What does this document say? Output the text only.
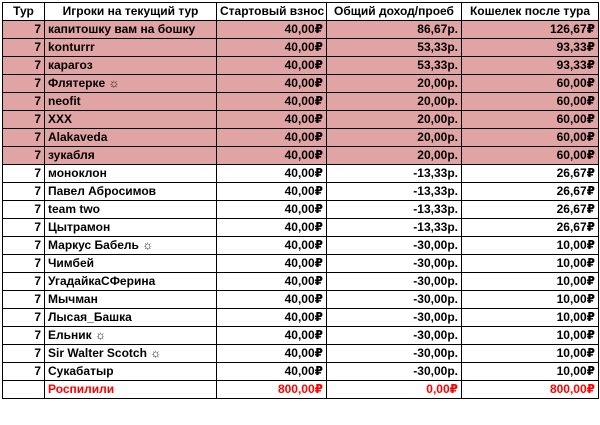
Тур	Игроки на текущий тур	Стартовый взнос	Общий доход/проеб	Кошелек после тура
7	капитошку вам на бошку	40,00₽	86,67р.	126,67₽
7	konturrr	40,00₽	53,33р.	93,33₽
7	карагоз	40,00₽	53,33р.	93,33₽
7	Флятерке ☼	40,00₽	20,00р.	60,00₽
7	neofit	40,00₽	20,00р.	60,00₽
7	XXX	40,00₽	20,00р.	60,00₽
7	Alakaveda	40,00₽	20,00р.	60,00₽
7	зукабля	40,00₽	20,00р.	60,00₽
7	моноклон	40,00₽	-13,33р.	26,67₽
7	Павел Абросимов	40,00₽	-13,33р.	26,67₽
7	team two	40,00₽	-13,33р.	26,67₽
7	Цытрамон	40,00₽	-13,33р.	26,67₽
7	Маркус Бабель ☼	40,00₽	-30,00р.	10,00₽
7	Чимбей	40,00₽	-30,00р.	10,00₽
7	УгадайкаСФерина	40,00₽	-30,00р.	10,00₽
7	Мычман	40,00₽	-30,00р.	10,00₽
7	Лысая_Башка	40,00₽	-30,00р.	10,00₽
7	Ельник ☼	40,00₽	-30,00р.	10,00₽
7	Sir Walter Scotch ☼	40,00₽	-30,00р.	10,00₽
7	Сукабатыр	40,00₽	-30,00р.	10,00₽
	Роспилили	800,00₽	0,00₽	800,00₽
